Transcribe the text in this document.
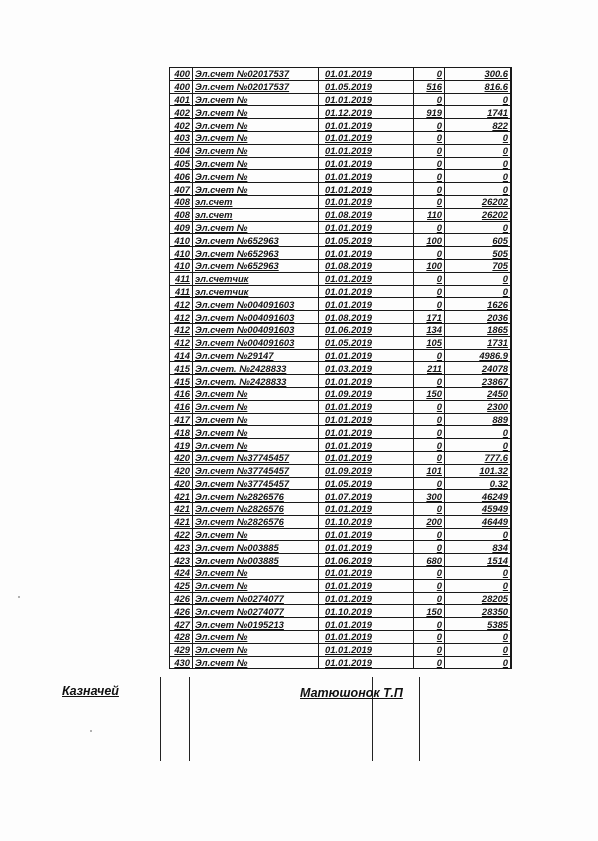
400	Эл.счет №02017537	01.01.2019	0	300.6
400	Эл.счет №02017537	01.05.2019	516	816.6
401	Эл.счет №	01.01.2019	0	0
402	Эл.счет №	01.12.2019	919	1741
402	Эл.счет №	01.01.2019	0	822
403	Эл.счет №	01.01.2019	0	0
404	Эл.счет №	01.01.2019	0	0
405	Эл.счет №	01.01.2019	0	0
406	Эл.счет №	01.01.2019	0	0
407	Эл.счет №	01.01.2019	0	0
408	эл.счет	01.01.2019	0	26202
408	эл.счет	01.08.2019	110	26202
409	Эл.счет №	01.01.2019	0	0
410	Эл.счет №652963	01.05.2019	100	605
410	Эл.счет №652963	01.01.2019	0	505
410	Эл.счет №652963	01.08.2019	100	705
411	эл.счетчик	01.01.2019	0	0
411	эл.счетчик	01.01.2019	0	0
412	Эл.счет №004091603	01.01.2019	0	1626
412	Эл.счет №004091603	01.08.2019	171	2036
412	Эл.счет №004091603	01.06.2019	134	1865
412	Эл.счет №004091603	01.05.2019	105	1731
414	Эл.счет №29147	01.01.2019	0	4986.9
415	Эл.счет. №2428833	01.03.2019	211	24078
415	Эл.счет. №2428833	01.01.2019	0	23867
416	Эл.счет №	01.09.2019	150	2450
416	Эл.счет №	01.01.2019	0	2300
417	Эл.счет №	01.01.2019	0	889
418	Эл.счет №	01.01.2019	0	0
419	Эл.счет №	01.01.2019	0	0
420	Эл.счет №37745457	01.01.2019	0	777.6
420	Эл.счет №37745457	01.09.2019	101	101.32
420	Эл.счет №37745457	01.05.2019	0	0.32
421	Эл.счет №2826576	01.07.2019	300	46249
421	Эл.счет №2826576	01.01.2019	0	45949
421	Эл.счет №2826576	01.10.2019	200	46449
422	Эл.счет №	01.01.2019	0	0
423	Эл.счет №003885	01.01.2019	0	834
423	Эл.счет №003885	01.06.2019	680	1514
424	Эл.счет №	01.01.2019	0	0
425	Эл.счет №	01.01.2019	0	0
426	Эл.счет №0274077	01.01.2019	0	28205
426	Эл.счет №0274077	01.10.2019	150	28350
427	Эл.счет №0195213	01.01.2019	0	5385
428	Эл.счет №	01.01.2019	0	0
429	Эл.счет №	01.01.2019	0	0
430	Эл.счет №	01.01.2019	0	0
Казначей	Матюшонок Т.П
